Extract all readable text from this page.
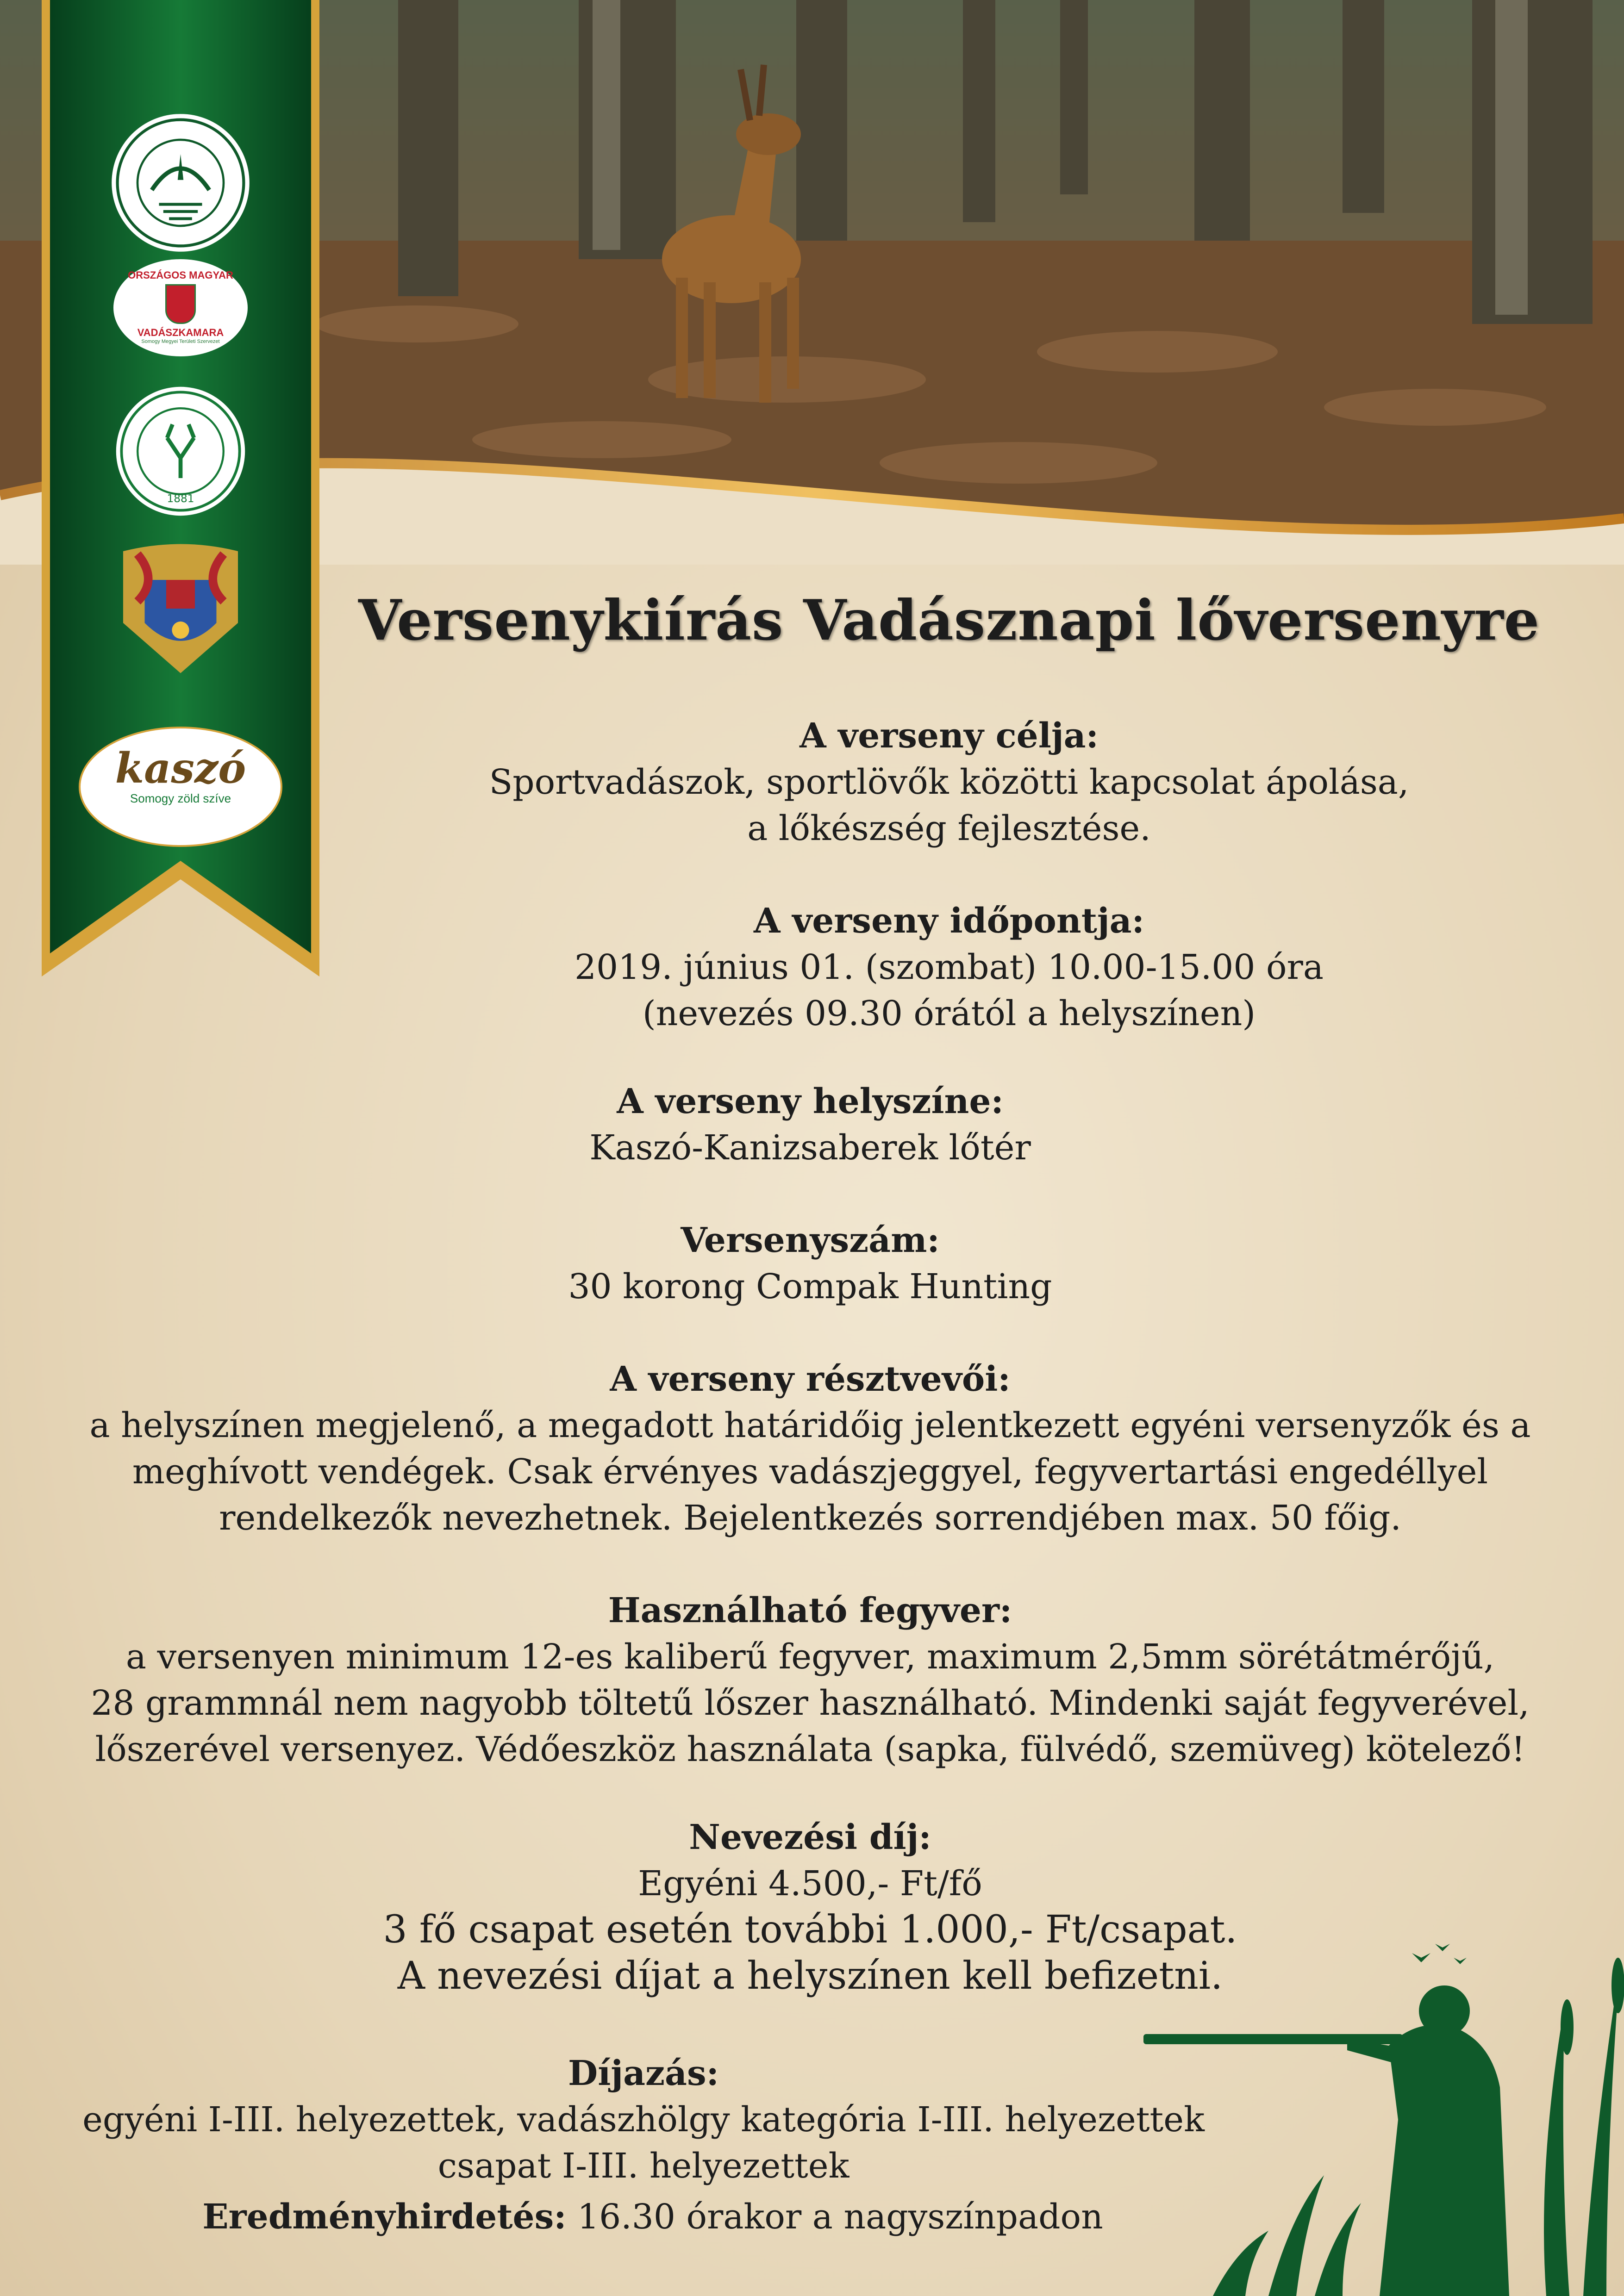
ORSZÁGOS MAGYAR
VADÁSZKAMARA
Somogy Megyei Területi Szervezet
1881
kaszó
Somogy zöld szíve
Versenykiírás Vadásznapi lőversenyre
A verseny célja:
Sportvadászok, sportlövők közötti kapcsolat ápolása,
a lőkészség fejlesztése.
A verseny időpontja:
2019. június 01. (szombat) 10.00-15.00 óra
(nevezés 09.30 órától a helyszínen)
A verseny helyszíne:
Kaszó-Kanizsaberek lőtér
Versenyszám:
30 korong Compak Hunting
A verseny résztvevői:
a helyszínen megjelenő, a megadott határidőig jelentkezett egyéni versenyzők és a
meghívott vendégek. Csak érvényes vadászjeggyel, fegyvertartási engedéllyel
rendelkezők nevezhetnek. Bejelentkezés sorrendjében max. 50 főig.
Használható fegyver:
a versenyen minimum 12-es kaliberű fegyver, maximum 2,5mm sörétátmérőjű,
28 grammnál nem nagyobb töltetű lőszer használható. Mindenki saját fegyverével,
lőszerével versenyez. Védőeszköz használata (sapka, fülvédő, szemüveg) kötelező!
Nevezési díj:
Egyéni 4.500,- Ft/fő
3 fő csapat esetén további 1.000,- Ft/csapat.
A nevezési díjat a helyszínen kell befizetni.
Díjazás:
egyéni I-III. helyezettek, vadászhölgy kategória I-III. helyezettek
csapat I-III. helyezettek
Eredményhirdetés: 16.30 órakor a nagyszínpadon
